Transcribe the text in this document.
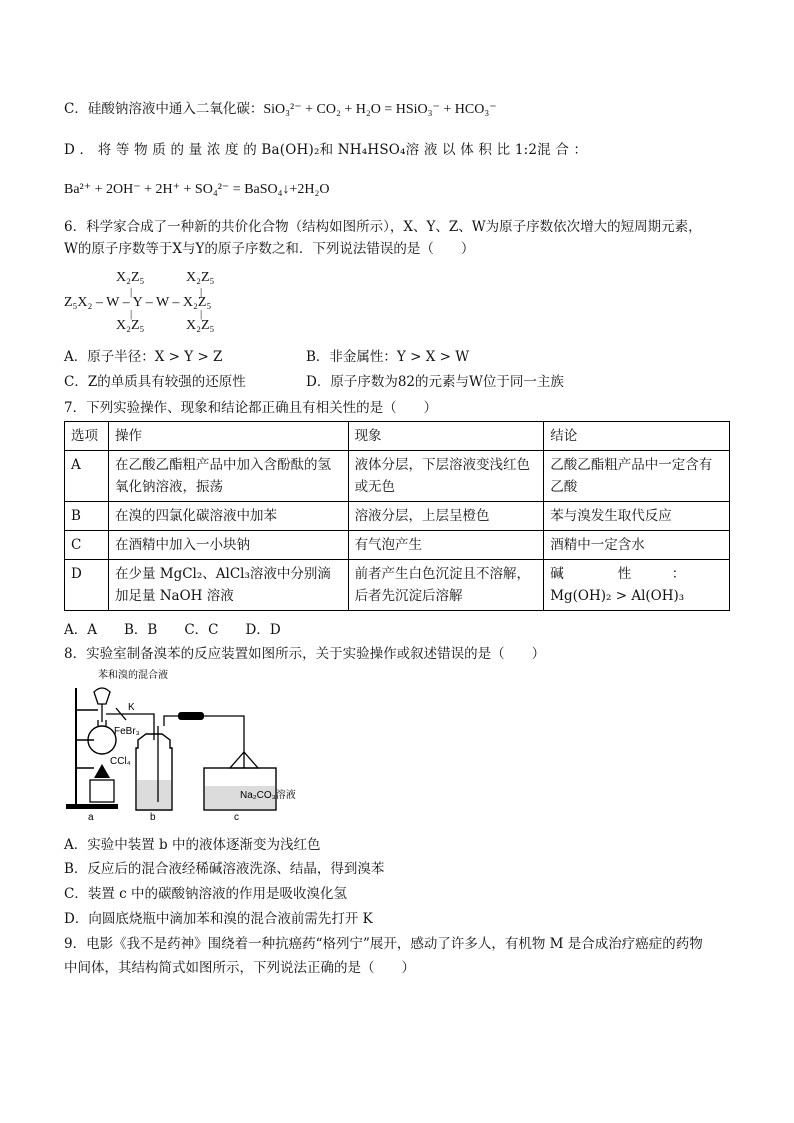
C．硅酸钠溶液中通入二氧化碳：SiO₃²⁻ + CO₂ + H₂O = HSiO₃⁻ + HCO₃⁻
D ． 将 等 物 质 的 量 浓 度 的 Ba(OH)₂和 NH₄HSO₄溶 液 以 体 积 比 1:2混 合 ：
Ba²⁺ + 2OH⁻ + 2H⁺ + SO₄²⁻ = BaSO₄↓+2H₂O
6．科学家合成了一种新的共价化合物（结构如图所示），X、Y、Z、W为原子序数依次增大的短周期元素，
W的原子序数等于X与Y的原子序数之和．下列说法错误的是（　　）
X₂Z₅	X₂Z₅
|	|
Z₅X₂ – W – Y – W – X₂Z₅
|	|
X₂Z₅	X₂Z₅
A．原子半径：X > Y > Z	B．非金属性：Y > X > W
C．Z的单质具有较强的还原性	D．原子序数为82的元素与W位于同一主族
7．下列实验操作、现象和结论都正确且有相关性的是（　　）
选项	操作	现象	结论
A	在乙酸乙酯粗产品中加入含酚酞的氢氧化钠溶液，振荡	液体分层，下层溶液变浅红色或无色	乙酸乙酯粗产品中一定含有乙酸
B	在溴的四氯化碳溶液中加苯	溶液分层，上层呈橙色	苯与溴发生取代反应
C	在酒精中加入一小块钠	有气泡产生	酒精中一定含水
D	在少量 MgCl₂、AlCl₃溶液中分别滴加足量 NaOH 溶液	前者产生白色沉淀且不溶解，后者先沉淀后溶解	碱　　　　性　　　：Mg(OH)₂ > Al(OH)₃
A．A　　B．B　　C．C　　D．D
8．实验室制备溴苯的反应装置如图所示，关于实验操作或叙述错误的是（　　）
苯和溴的混合液
K
FeBr₃
CCl₄
Na₂CO₃溶液
a	b	c
A．实验中装置 b 中的液体逐渐变为浅红色
B．反应后的混合液经稀碱溶液洗涤、结晶，得到溴苯
C．装置 c 中的碳酸钠溶液的作用是吸收溴化氢
D．向圆底烧瓶中滴加苯和溴的混合液前需先打开 K
9．电影《我不是药神》围绕着一种抗癌药“格列宁”展开，感动了许多人，有机物 M 是合成治疗癌症的药物
中间体，其结构简式如图所示，下列说法正确的是（　　）
